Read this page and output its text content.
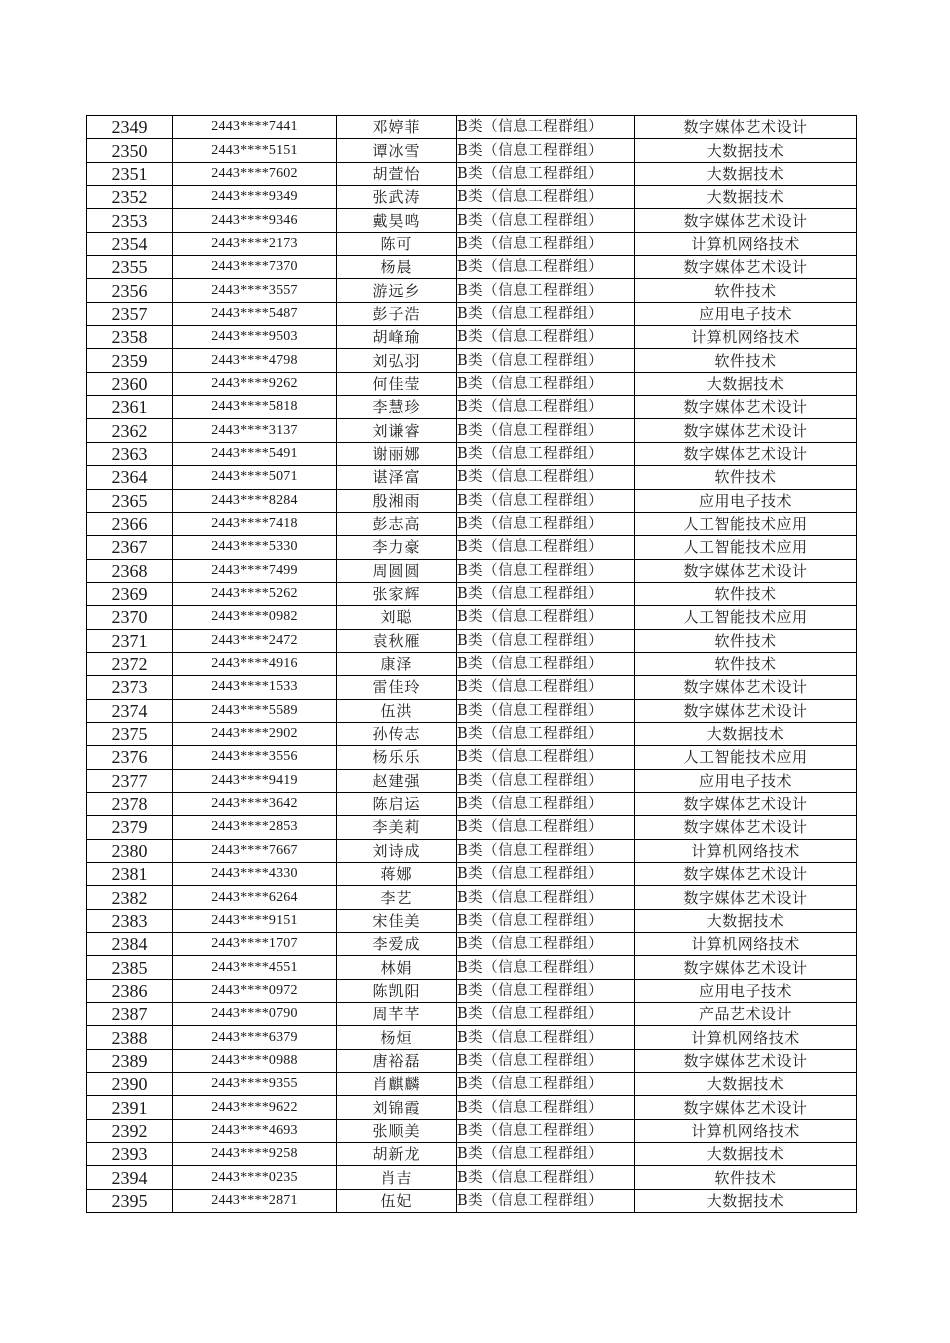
2349	2443****7441	邓婷菲	B类（信息工程群组）	数字媒体艺术设计
2350	2443****5151	谭冰雪	B类（信息工程群组）	大数据技术
2351	2443****7602	胡萱怡	B类（信息工程群组）	大数据技术
2352	2443****9349	张武涛	B类（信息工程群组）	大数据技术
2353	2443****9346	戴昊鸣	B类（信息工程群组）	数字媒体艺术设计
2354	2443****2173	陈可	B类（信息工程群组）	计算机网络技术
2355	2443****7370	杨晨	B类（信息工程群组）	数字媒体艺术设计
2356	2443****3557	游远乡	B类（信息工程群组）	软件技术
2357	2443****5487	彭子浩	B类（信息工程群组）	应用电子技术
2358	2443****9503	胡峰瑜	B类（信息工程群组）	计算机网络技术
2359	2443****4798	刘弘羽	B类（信息工程群组）	软件技术
2360	2443****9262	何佳莹	B类（信息工程群组）	大数据技术
2361	2443****5818	李慧珍	B类（信息工程群组）	数字媒体艺术设计
2362	2443****3137	刘谦睿	B类（信息工程群组）	数字媒体艺术设计
2363	2443****5491	谢丽娜	B类（信息工程群组）	数字媒体艺术设计
2364	2443****5071	谌泽富	B类（信息工程群组）	软件技术
2365	2443****8284	殷湘雨	B类（信息工程群组）	应用电子技术
2366	2443****7418	彭志高	B类（信息工程群组）	人工智能技术应用
2367	2443****5330	李力豪	B类（信息工程群组）	人工智能技术应用
2368	2443****7499	周圆圆	B类（信息工程群组）	数字媒体艺术设计
2369	2443****5262	张家辉	B类（信息工程群组）	软件技术
2370	2443****0982	刘聪	B类（信息工程群组）	人工智能技术应用
2371	2443****2472	袁秋雁	B类（信息工程群组）	软件技术
2372	2443****4916	康泽	B类（信息工程群组）	软件技术
2373	2443****1533	雷佳玲	B类（信息工程群组）	数字媒体艺术设计
2374	2443****5589	伍洪	B类（信息工程群组）	数字媒体艺术设计
2375	2443****2902	孙传志	B类（信息工程群组）	大数据技术
2376	2443****3556	杨乐乐	B类（信息工程群组）	人工智能技术应用
2377	2443****9419	赵建强	B类（信息工程群组）	应用电子技术
2378	2443****3642	陈启运	B类（信息工程群组）	数字媒体艺术设计
2379	2443****2853	李美莉	B类（信息工程群组）	数字媒体艺术设计
2380	2443****7667	刘诗成	B类（信息工程群组）	计算机网络技术
2381	2443****4330	蒋娜	B类（信息工程群组）	数字媒体艺术设计
2382	2443****6264	李艺	B类（信息工程群组）	数字媒体艺术设计
2383	2443****9151	宋佳美	B类（信息工程群组）	大数据技术
2384	2443****1707	李爱成	B类（信息工程群组）	计算机网络技术
2385	2443****4551	林娟	B类（信息工程群组）	数字媒体艺术设计
2386	2443****0972	陈凯阳	B类（信息工程群组）	应用电子技术
2387	2443****0790	周芊芊	B类（信息工程群组）	产品艺术设计
2388	2443****6379	杨烜	B类（信息工程群组）	计算机网络技术
2389	2443****0988	唐裕磊	B类（信息工程群组）	数字媒体艺术设计
2390	2443****9355	肖麒麟	B类（信息工程群组）	大数据技术
2391	2443****9622	刘锦霞	B类（信息工程群组）	数字媒体艺术设计
2392	2443****4693	张顺美	B类（信息工程群组）	计算机网络技术
2393	2443****9258	胡新龙	B类（信息工程群组）	大数据技术
2394	2443****0235	肖吉	B类（信息工程群组）	软件技术
2395	2443****2871	伍妃	B类（信息工程群组）	大数据技术
